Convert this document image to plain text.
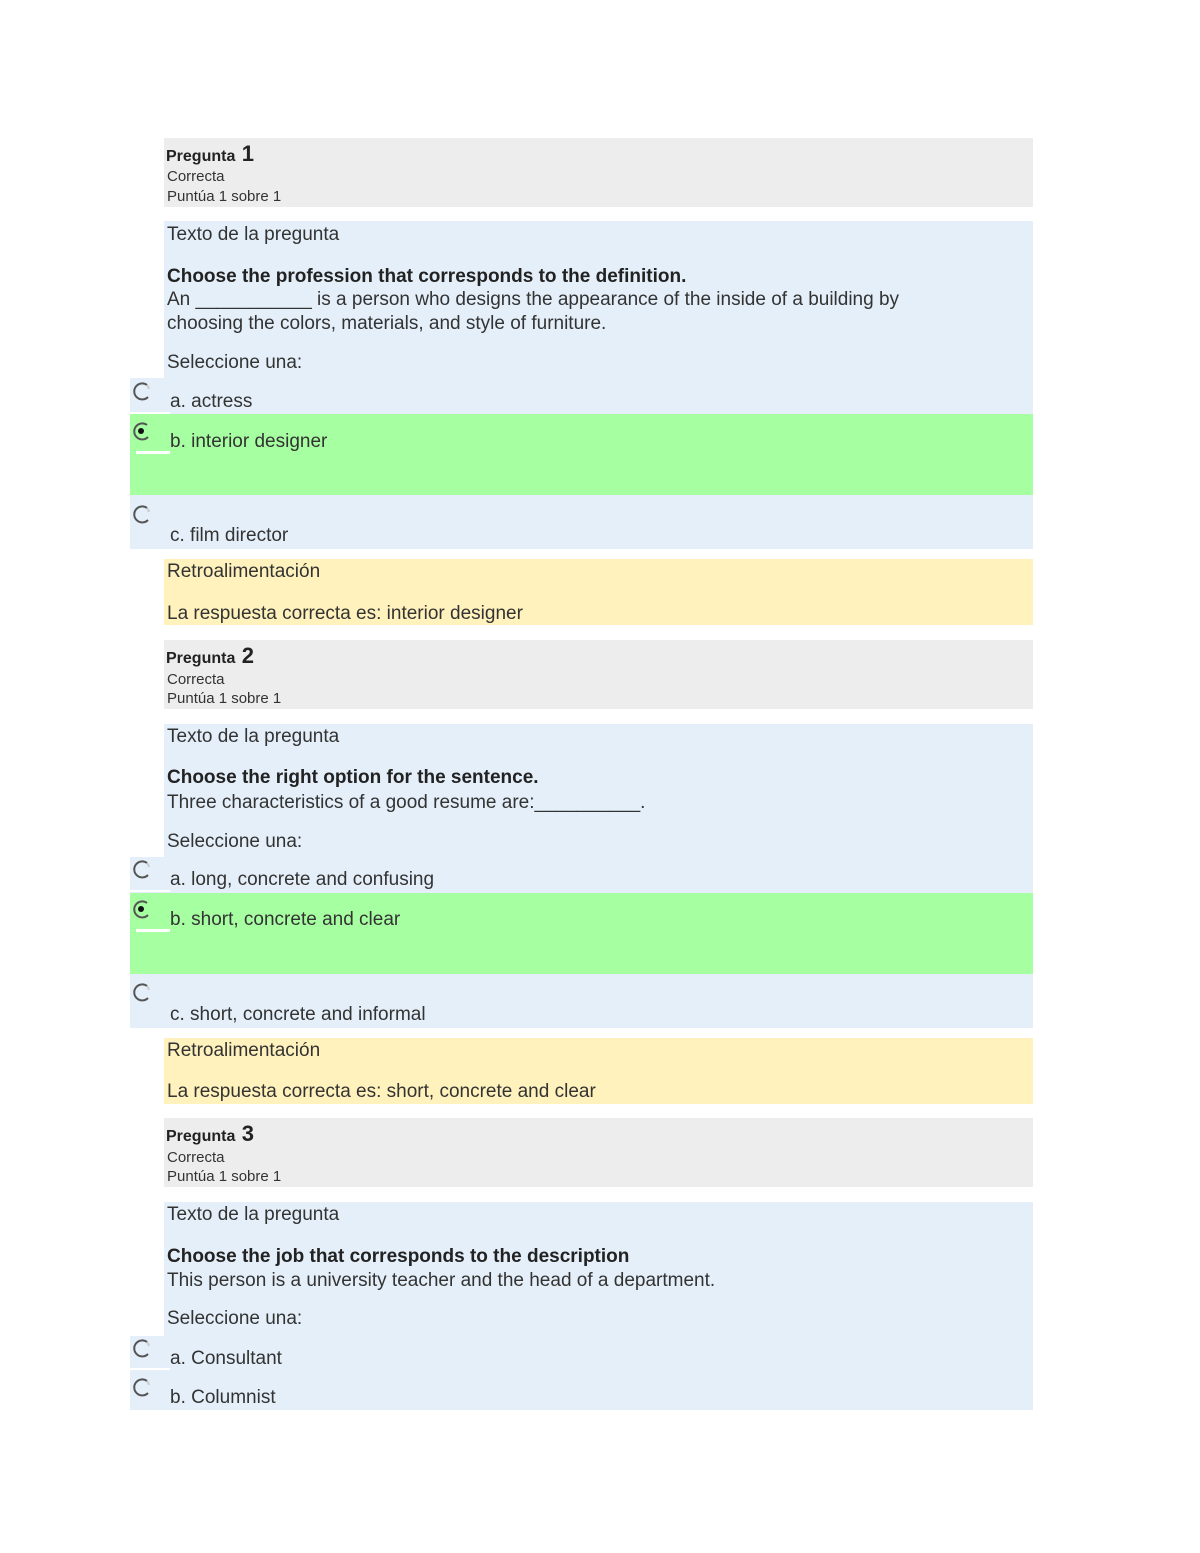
Pregunta 1
Correcta
Puntúa 1 sobre 1
Texto de la pregunta
Choose the profession that corresponds to the definition.
An ___________ is a person who designs the appearance of the inside of a building by
choosing the colors, materials, and style of furniture.
Seleccione una:
a. actress
b. interior designer
c. film director
Retroalimentación
La respuesta correcta es: interior designer
Pregunta 2
Correcta
Puntúa 1 sobre 1
Texto de la pregunta
Choose the right option for the sentence.
Three characteristics of a good resume are:__________.
Seleccione una:
a. long, concrete and confusing
b. short, concrete and clear
c. short, concrete and informal
Retroalimentación
La respuesta correcta es: short, concrete and clear
Pregunta 3
Correcta
Puntúa 1 sobre 1
Texto de la pregunta
Choose the job that corresponds to the description
This person is a university teacher and the head of a department.
Seleccione una:
a. Consultant
b. Columnist
